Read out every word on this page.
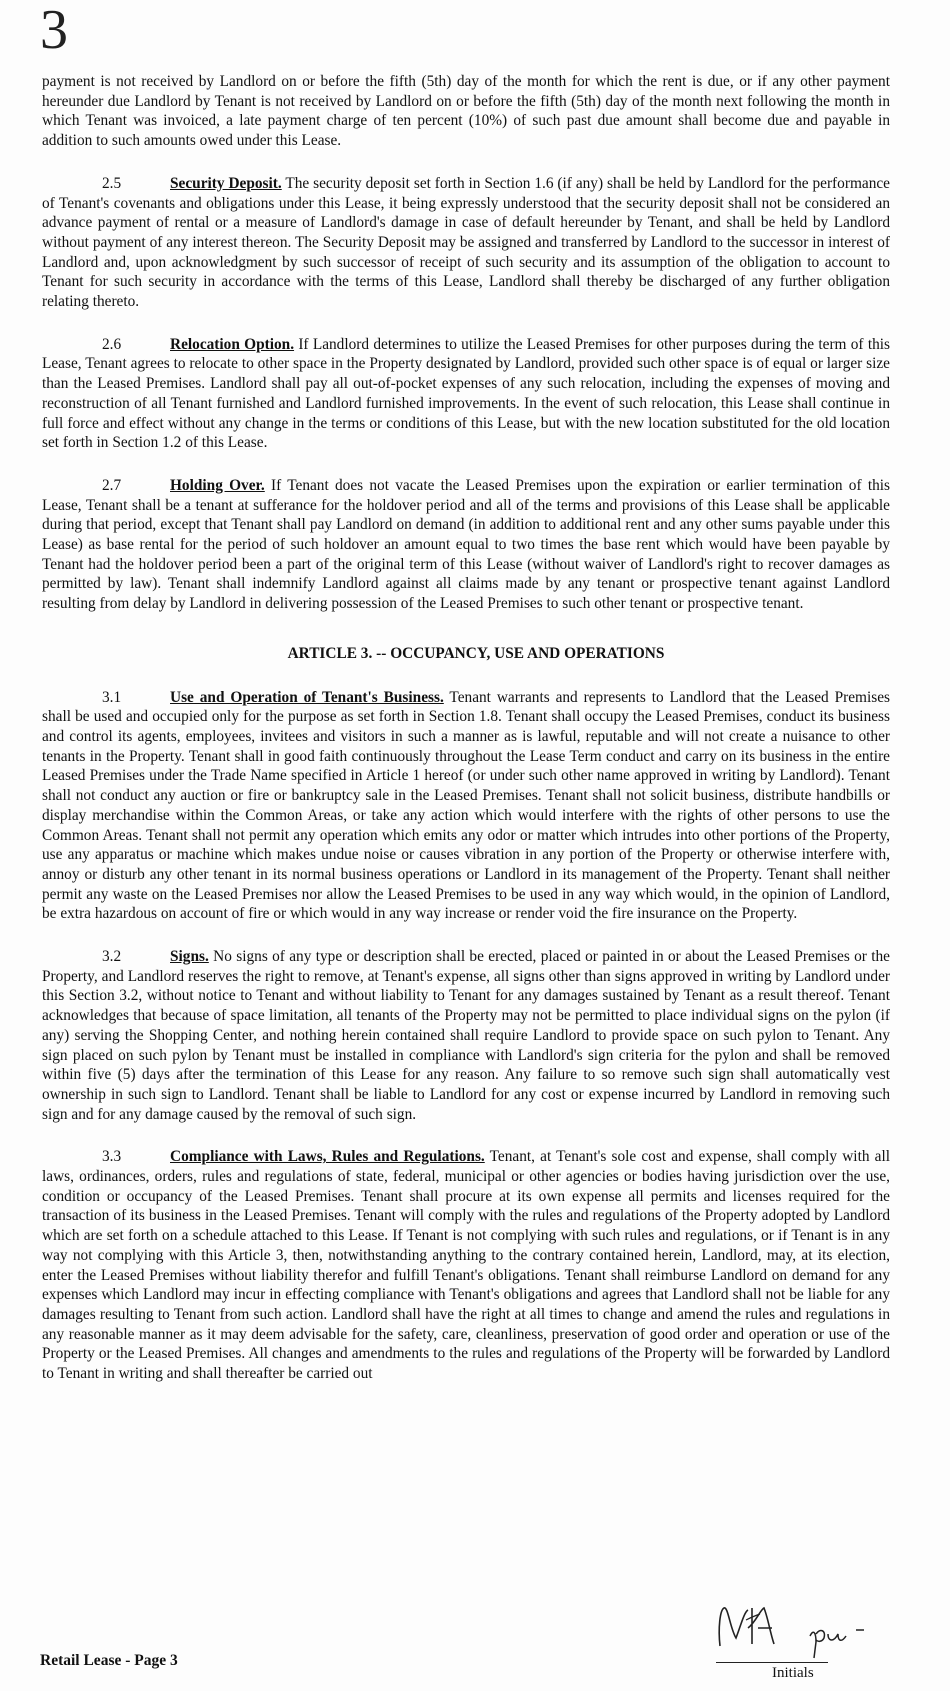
3

payment is not received by Landlord on or before the fifth (5th) day of the month for which the rent is due, or if any other payment hereunder due Landlord by Tenant is not received by Landlord on or before the fifth (5th) day of the month next following the month in which Tenant was invoiced, a late payment charge of ten percent (10%) of such past due amount shall become due and payable in addition to such amounts owed under this Lease.

2.5	Security Deposit. The security deposit set forth in Section 1.6 (if any) shall be held by Landlord for the performance of Tenant's covenants and obligations under this Lease, it being expressly understood that the security deposit shall not be considered an advance payment of rental or a measure of Landlord's damage in case of default hereunder by Tenant, and shall be held by Landlord without payment of any interest thereon. The Security Deposit may be assigned and transferred by Landlord to the successor in interest of Landlord and, upon acknowledgment by such successor of receipt of such security and its assumption of the obligation to account to Tenant for such security in accordance with the terms of this Lease, Landlord shall thereby be discharged of any further obligation relating thereto.

2.6	Relocation Option. If Landlord determines to utilize the Leased Premises for other purposes during the term of this Lease, Tenant agrees to relocate to other space in the Property designated by Landlord, provided such other space is of equal or larger size than the Leased Premises. Landlord shall pay all out-of-pocket expenses of any such relocation, including the expenses of moving and reconstruction of all Tenant furnished and Landlord furnished improvements. In the event of such relocation, this Lease shall continue in full force and effect without any change in the terms or conditions of this Lease, but with the new location substituted for the old location set forth in Section 1.2 of this Lease.

2.7	Holding Over. If Tenant does not vacate the Leased Premises upon the expiration or earlier termination of this Lease, Tenant shall be a tenant at sufferance for the holdover period and all of the terms and provisions of this Lease shall be applicable during that period, except that Tenant shall pay Landlord on demand (in addition to additional rent and any other sums payable under this Lease) as base rental for the period of such holdover an amount equal to two times the base rent which would have been payable by Tenant had the holdover period been a part of the original term of this Lease (without waiver of Landlord's right to recover damages as permitted by law). Tenant shall indemnify Landlord against all claims made by any tenant or prospective tenant against Landlord resulting from delay by Landlord in delivering possession of the Leased Premises to such other tenant or prospective tenant.

ARTICLE 3. -- OCCUPANCY, USE AND OPERATIONS

3.1	Use and Operation of Tenant's Business. Tenant warrants and represents to Landlord that the Leased Premises shall be used and occupied only for the purpose as set forth in Section 1.8. Tenant shall occupy the Leased Premises, conduct its business and control its agents, employees, invitees and visitors in such a manner as is lawful, reputable and will not create a nuisance to other tenants in the Property. Tenant shall in good faith continuously throughout the Lease Term conduct and carry on its business in the entire Leased Premises under the Trade Name specified in Article 1 hereof (or under such other name approved in writing by Landlord). Tenant shall not conduct any auction or fire or bankruptcy sale in the Leased Premises. Tenant shall not solicit business, distribute handbills or display merchandise within the Common Areas, or take any action which would interfere with the rights of other persons to use the Common Areas. Tenant shall not permit any operation which emits any odor or matter which intrudes into other portions of the Property, use any apparatus or machine which makes undue noise or causes vibration in any portion of the Property or otherwise interfere with, annoy or disturb any other tenant in its normal business operations or Landlord in its management of the Property. Tenant shall neither permit any waste on the Leased Premises nor allow the Leased Premises to be used in any way which would, in the opinion of Landlord, be extra hazardous on account of fire or which would in any way increase or render void the fire insurance on the Property.

3.2	Signs. No signs of any type or description shall be erected, placed or painted in or about the Leased Premises or the Property, and Landlord reserves the right to remove, at Tenant's expense, all signs other than signs approved in writing by Landlord under this Section 3.2, without notice to Tenant and without liability to Tenant for any damages sustained by Tenant as a result thereof. Tenant acknowledges that because of space limitation, all tenants of the Property may not be permitted to place individual signs on the pylon (if any) serving the Shopping Center, and nothing herein contained shall require Landlord to provide space on such pylon to Tenant. Any sign placed on such pylon by Tenant must be installed in compliance with Landlord's sign criteria for the pylon and shall be removed within five (5) days after the termination of this Lease for any reason. Any failure to so remove such sign shall automatically vest ownership in such sign to Landlord. Tenant shall be liable to Landlord for any cost or expense incurred by Landlord in removing such sign and for any damage caused by the removal of such sign.

3.3	Compliance with Laws, Rules and Regulations. Tenant, at Tenant's sole cost and expense, shall comply with all laws, ordinances, orders, rules and regulations of state, federal, municipal or other agencies or bodies having jurisdiction over the use, condition or occupancy of the Leased Premises. Tenant shall procure at its own expense all permits and licenses required for the transaction of its business in the Leased Premises. Tenant will comply with the rules and regulations of the Property adopted by Landlord which are set forth on a schedule attached to this Lease. If Tenant is not complying with such rules and regulations, or if Tenant is in any way not complying with this Article 3, then, notwithstanding anything to the contrary contained herein, Landlord, may, at its election, enter the Leased Premises without liability therefor and fulfill Tenant's obligations. Tenant shall reimburse Landlord on demand for any expenses which Landlord may incur in effecting compliance with Tenant's obligations and agrees that Landlord shall not be liable for any damages resulting to Tenant from such action. Landlord shall have the right at all times to change and amend the rules and regulations in any reasonable manner as it may deem advisable for the safety, care, cleanliness, preservation of good order and operation or use of the Property or the Leased Premises. All changes and amendments to the rules and regulations of the Property will be forwarded by Landlord to Tenant in writing and shall thereafter be carried out

Retail Lease - Page 3
Initials
